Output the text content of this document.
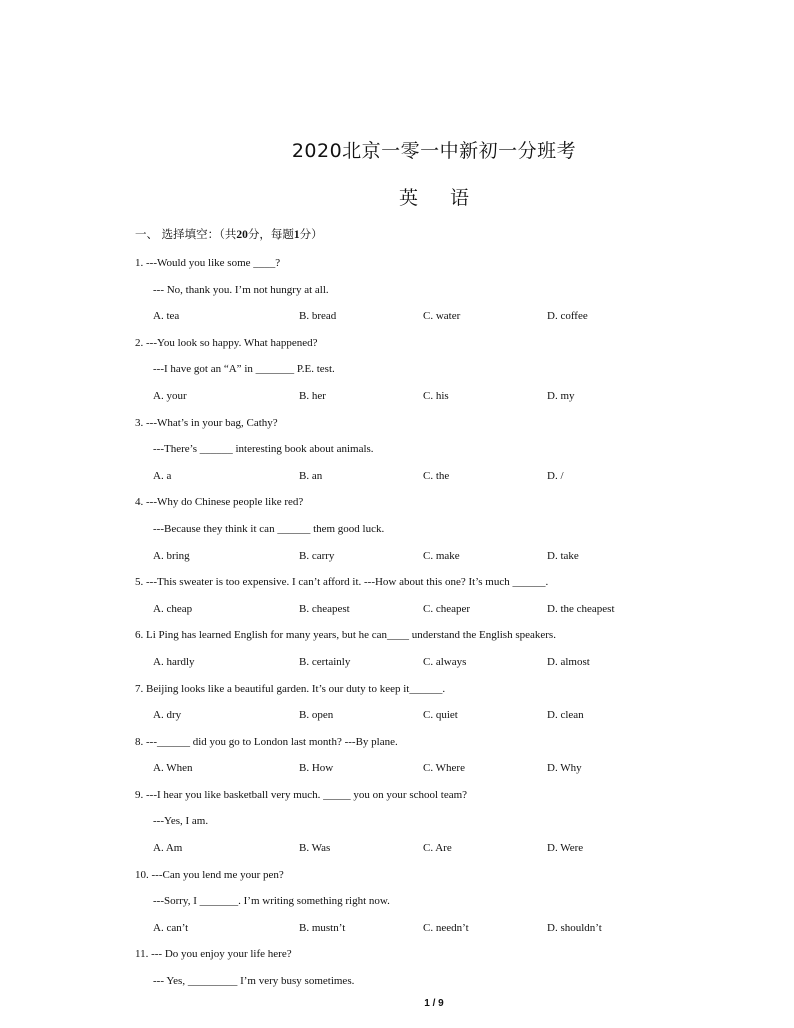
2020北京一零一中新初一分班考
英 语
一、 选择填空：（共20分，每题1分）
1. ---Would you like some ____?
--- No, thank you. I’m not hungry at all.
A. tea	B. bread	C. water	D. coffee
2. ---You look so happy. What happened?
---I have got an “A” in _______ P.E. test.
A. your	B. her	C. his	D. my
3. ---What’s in your bag, Cathy?
---There’s ______ interesting book about animals.
A. a	B. an	C. the	D. /
4. ---Why do Chinese people like red?
---Because they think it can ______ them good luck.
A. bring	B. carry	C. make	D. take
5. ---This sweater is too expensive. I can’t afford it. ---How about this one? It’s much ______.
A. cheap	B. cheapest	C. cheaper	D. the cheapest
6. Li Ping has learned English for many years, but he can____ understand the English speakers.
A. hardly	B. certainly	C. always	D. almost
7. Beijing looks like a beautiful garden. It’s our duty to keep it______.
A. dry	B. open	C. quiet	D. clean
8. ---______ did you go to London last month? ---By plane.
A. When	B. How	C. Where	D. Why
9. ---I hear you like basketball very much. _____ you on your school team?
---Yes, I am.
A. Am	B. Was	C. Are	D. Were
10. ---Can you lend me your pen?
---Sorry, I _______. I’m writing something right now.
A. can’t	B. mustn’t	C. needn’t	D. shouldn’t
11. --- Do you enjoy your life here?
--- Yes, _________ I’m very busy sometimes.
1 / 9
